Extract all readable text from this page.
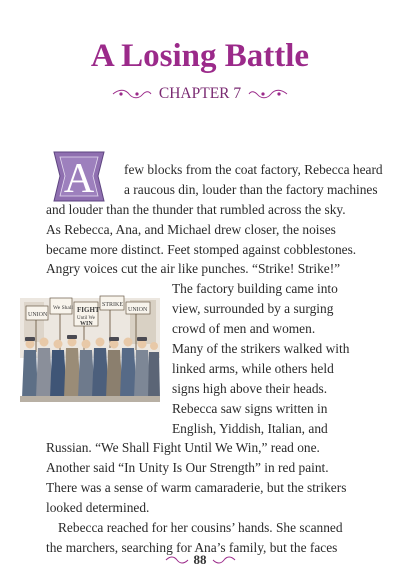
A Losing Battle
CHAPTER 7
A	few blocks from the coat factory, Rebecca heard
a raucous din, louder than the factory machines
and louder than the thunder that rumbled across the sky.
As Rebecca, Ana, and Michael drew closer, the noises
became more distinct. Feet stomped against cobblestones.
Angry voices cut the air like punches. “Strike! Strike!”
The factory building came into
view, surrounded by a surging
crowd of men and women.
Many of the strikers walked with
linked arms, while others held
signs high above their heads.
Rebecca saw signs written in
English, Yiddish, Italian, and
Russian. “We Shall Fight Until We Win,” read one.
Another said “In Unity Is Our Strength” in red paint.
There was a sense of warm camaraderie, but the strikers
looked determined.
Rebecca reached for her cousins’ hands. She scanned
the marchers, searching for Ana’s family, but the faces
UNION
We Shall FIGHT
Until We
WIN
STRIKE
UNION
88
